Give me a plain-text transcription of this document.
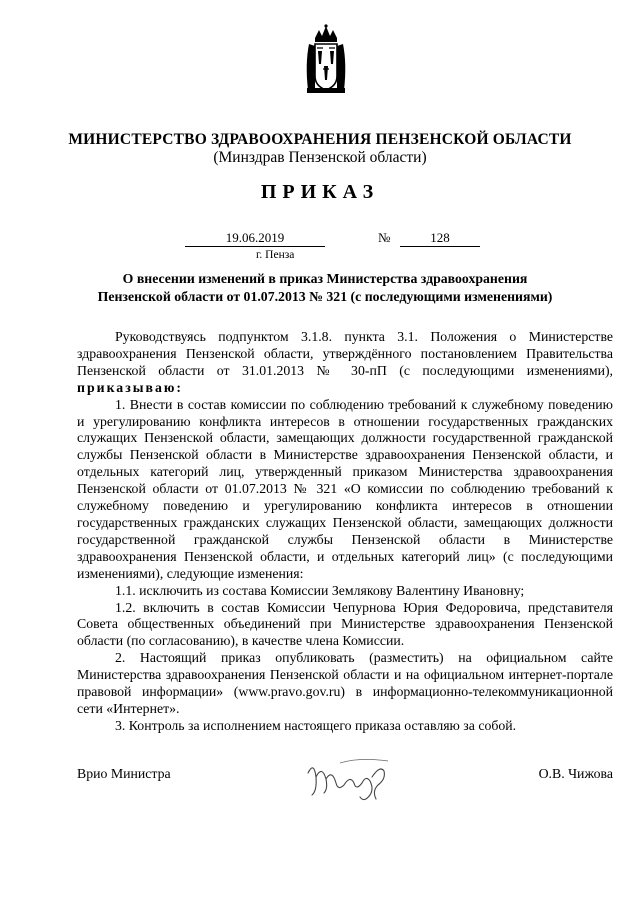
МИНИСТЕРСТВО ЗДРАВООХРАНЕНИЯ ПЕНЗЕНСКОЙ ОБЛАСТИ
(Минздрав Пензенской области)
ПРИКАЗ
19.06.2019	№	128
г. Пенза
О внесении изменений в приказ Министерства здравоохранения
Пензенской области от 01.07.2013 № 321 (с последующими изменениями)

Руководствуясь подпунктом 3.1.8. пункта 3.1. Положения о Министерстве здравоохранения Пензенской области, утверждённого постановлением Правительства Пензенской области от 31.01.2013 № 30-пП (с последующими изменениями), приказываю:

1. Внести в состав комиссии по соблюдению требований к служебному поведению и урегулированию конфликта интересов в отношении государственных гражданских служащих Пензенской области, замещающих должности государственной гражданской службы Пензенской области в Министерстве здравоохранения Пензенской области, и отдельных категорий лиц, утвержденный приказом Министерства здравоохранения Пензенской области от 01.07.2013 № 321 «О комиссии по соблюдению требований к служебному поведению и урегулированию конфликта интересов в отношении государственных гражданских служащих Пензенской области, замещающих должности государственной гражданской службы Пензенской области в Министерстве здравоохранения Пензенской области, и отдельных категорий лиц» (с последующими изменениями), следующие изменения:

1.1. исключить из состава Комиссии Землякову Валентину Ивановну;

1.2. включить в состав Комиссии Чепурнова Юрия Федоровича, представителя Совета общественных объединений при Министерстве здравоохранения Пензенской области (по согласованию), в качестве члена Комиссии.

2. Настоящий приказ опубликовать (разместить) на официальном сайте Министерства здравоохранения Пензенской области и на официальном интернет-портале правовой информации» (www.pravo.gov.ru) в информационно-телекоммуникационной сети «Интернет».

3. Контроль за исполнением настоящего приказа оставляю за собой.

Врио Министра	О.В. Чижова
